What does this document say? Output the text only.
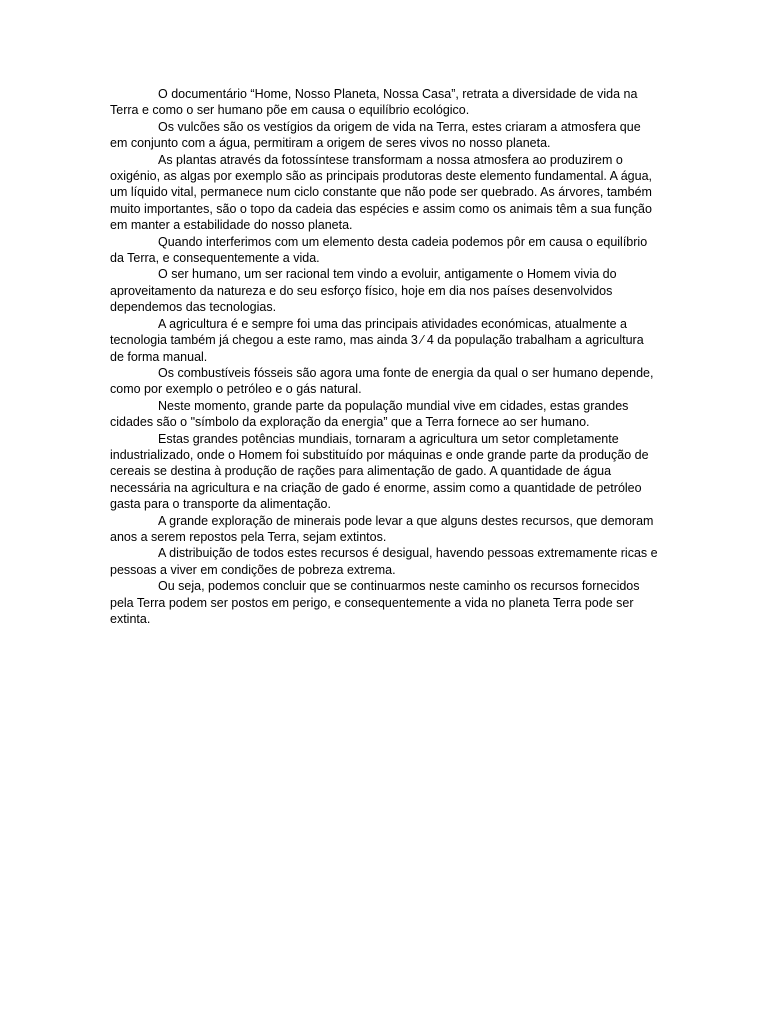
O documentário “Home, Nosso Planeta, Nossa Casa”, retrata a diversidade de vida na Terra e como o ser humano põe em causa o equilíbrio ecológico.

Os vulcões são os vestígios da origem de vida na Terra, estes criaram a atmosfera que em conjunto com a água, permitiram a origem de seres vivos no nosso planeta.

As plantas através da fotossíntese transformam a nossa atmosfera ao produzirem o oxigénio, as algas por exemplo são as principais produtoras deste elemento fundamental. A água, um líquido vital, permanece num ciclo constante que não pode ser quebrado. As árvores, também muito importantes, são o topo da cadeia das espécies e assim como os animais têm a sua função em manter a estabilidade do nosso planeta.

Quando interferimos com um elemento desta cadeia podemos pôr em causa o equilíbrio da Terra, e consequentemente a vida.

O ser humano, um ser racional tem vindo a evoluir, antigamente o Homem vivia do aproveitamento da natureza e do seu esforço físico, hoje em dia nos países desenvolvidos dependemos das tecnologias.

A agricultura é e sempre foi uma das principais atividades económicas, atualmente a tecnologia também já chegou a este ramo, mas ainda 3 ⁄ 4 da população trabalham a agricultura de forma manual.

Os combustíveis fósseis são agora uma fonte de energia da qual o ser humano depende, como por exemplo o petróleo e o gás natural.

Neste momento, grande parte da população mundial vive em cidades, estas grandes cidades são o "símbolo da exploração da energia” que a Terra fornece ao ser humano.

Estas grandes potências mundiais, tornaram a agricultura um setor completamente industrializado, onde o Homem foi substituído por máquinas e onde grande parte da produção de cereais se destina à produção de rações para alimentação de gado. A quantidade de água necessária na agricultura e na criação de gado é enorme, assim como a quantidade de petróleo gasta para o transporte da alimentação.

A grande exploração de minerais pode levar a que alguns destes recursos, que demoram anos a serem repostos pela Terra, sejam extintos.

A distribuição de todos estes recursos é desigual, havendo pessoas extremamente ricas e pessoas a viver em condições de pobreza extrema.

Ou seja, podemos concluir que se continuarmos neste caminho os recursos fornecidos pela Terra podem ser postos em perigo, e consequentemente a vida no planeta Terra pode ser extinta.
